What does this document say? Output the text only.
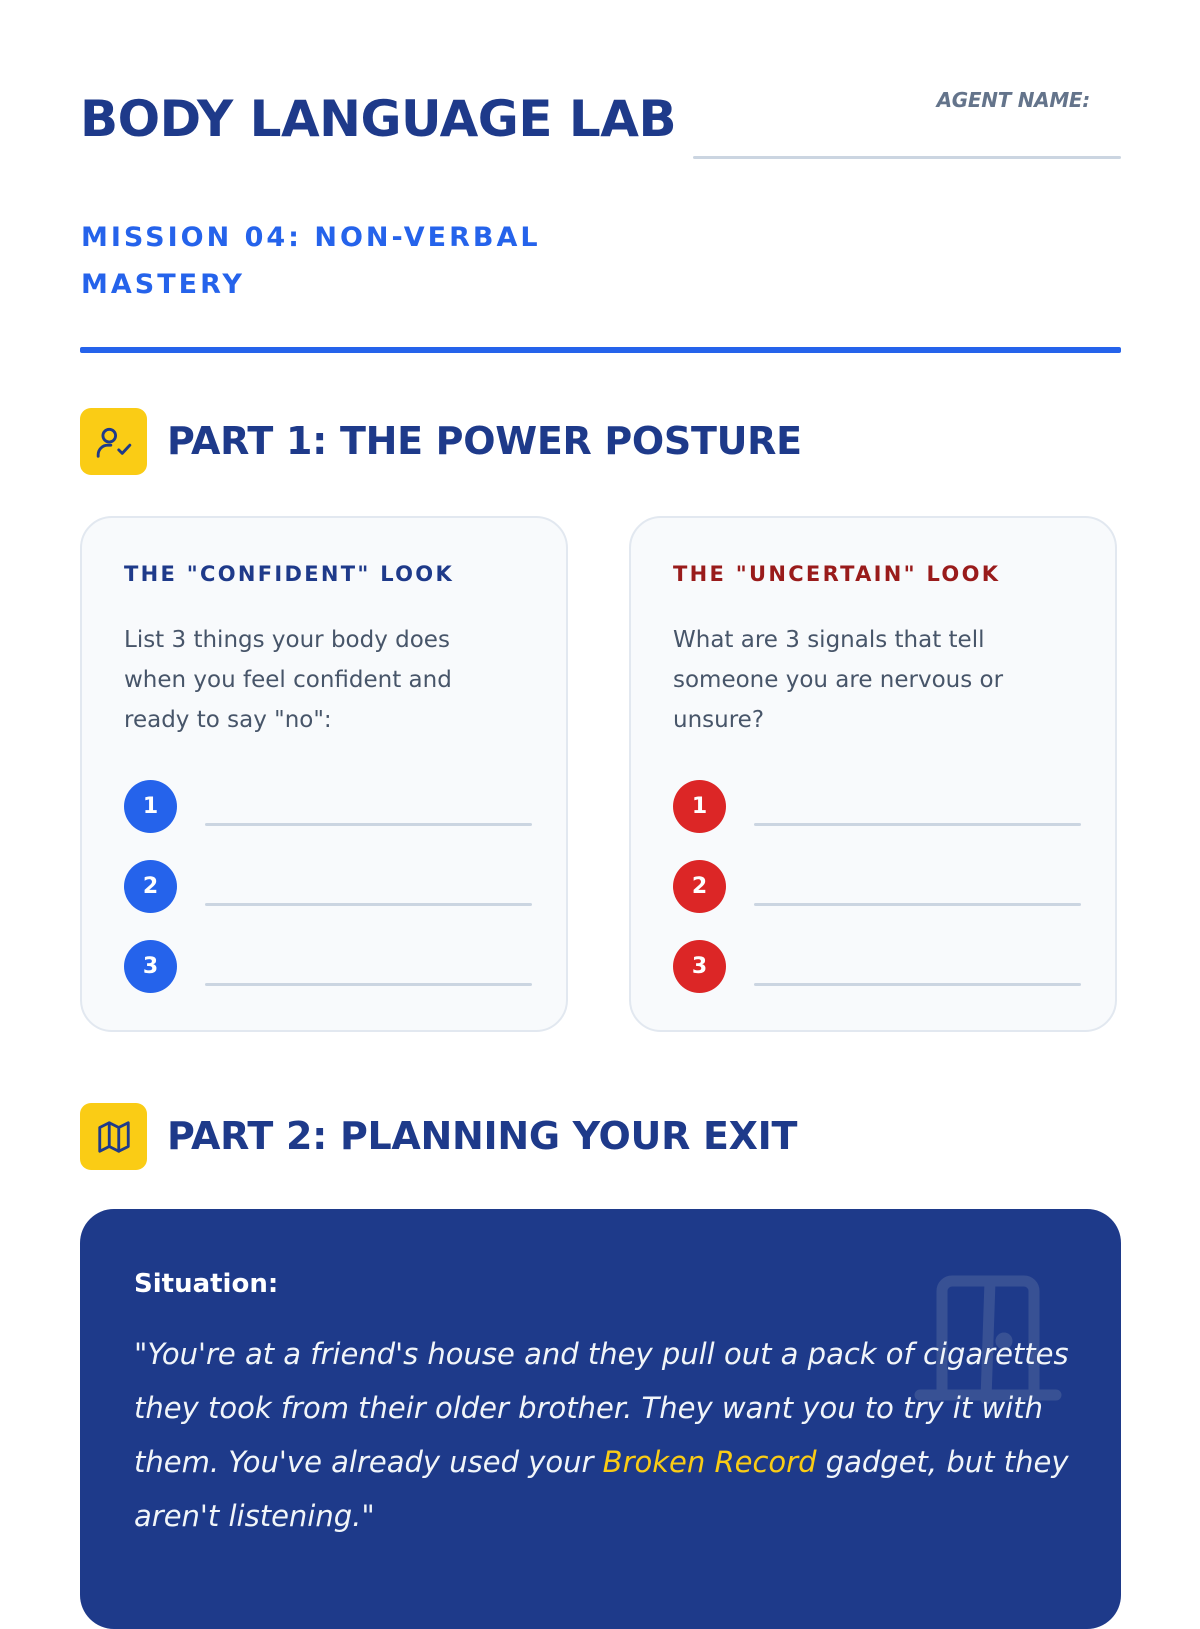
BODY LANGUAGE LAB
MISSION 04: NON-VERBAL MASTERY
AGENT NAME:
PART 1: THE POWER POSTURE
THE "CONFIDENT" LOOK

List 3 things your body does when you feel confident and ready to say "no":

1
2
3
THE "UNCERTAIN" LOOK

What are 3 signals that tell someone you are nervous or unsure?

1
2
3
PART 2: PLANNING YOUR EXIT
Situation:

"You're at a friend's house and they pull out a pack of cigarettes they took from their older brother. They want you to try it with them. You've already used your Broken Record gadget, but they aren't listening."
